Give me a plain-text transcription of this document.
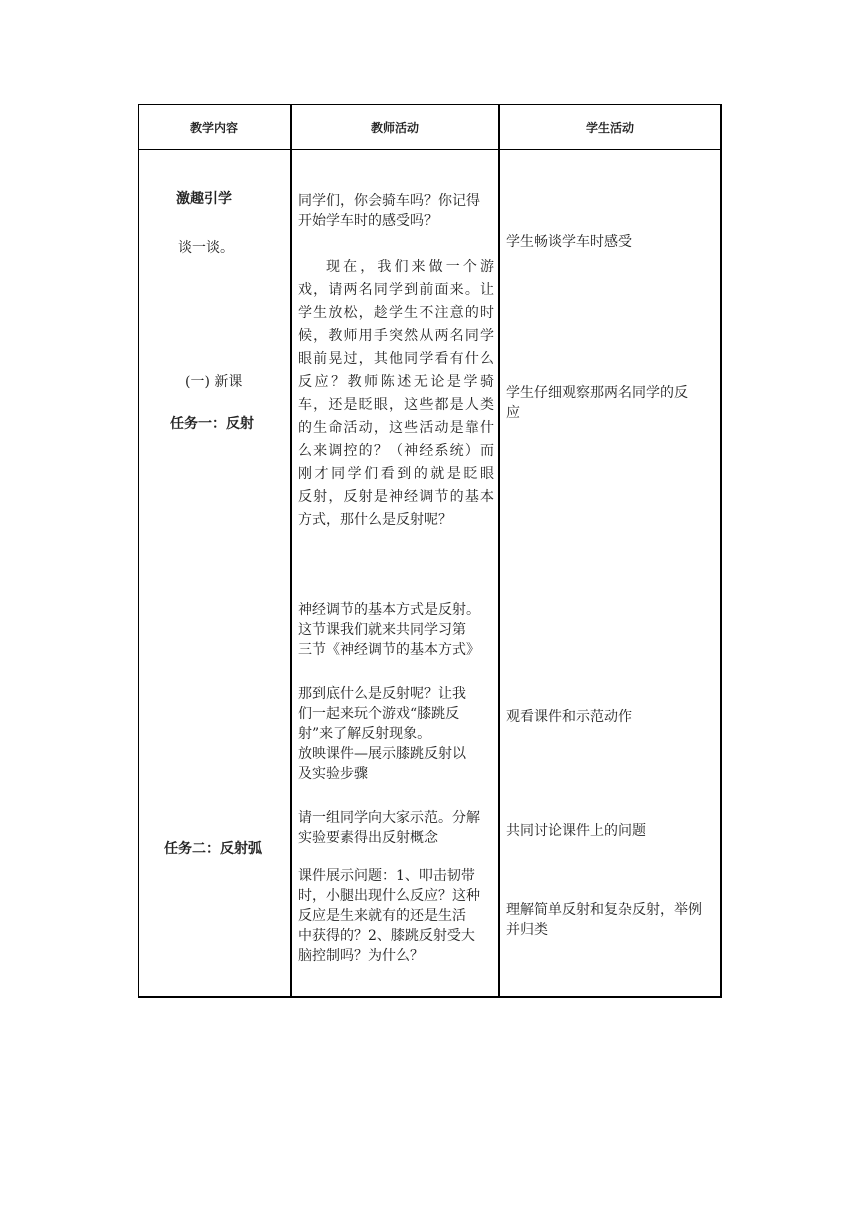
教学内容	教师活动	学生活动
激趣引学
谈一谈。
(一) 新课
任务一：反射
任务二：反射弧
同学们，你会骑车吗？你记得
开始学车时的感受吗？
现在，我们来做一个游
戏，请两名同学到前面来。让
学生放松，趁学生不注意的时
候，教师用手突然从两名同学
眼前晃过，其他同学看有什么
反应？教师陈述无论是学骑
车，还是眨眼，这些都是人类
的生命活动，这些活动是靠什
么来调控的？（神经系统）而
刚才同学们看到的就是眨眼
反射，反射是神经调节的基本
方式，那什么是反射呢？
神经调节的基本方式是反射。
这节课我们就来共同学习第
三节《神经调节的基本方式》
那到底什么是反射呢？让我
们一起来玩个游戏“膝跳反
射”来了解反射现象。
放映课件—展示膝跳反射以
及实验步骤
请一组同学向大家示范。分解
实验要素得出反射概念
课件展示问题：1、叩击韧带
时，小腿出现什么反应？这种
反应是生来就有的还是生活
中获得的？2、膝跳反射受大
脑控制吗？为什么？
学生畅谈学车时感受
学生仔细观察那两名同学的反
应
观看课件和示范动作
共同讨论课件上的问题
理解简单反射和复杂反射，举例
并归类
